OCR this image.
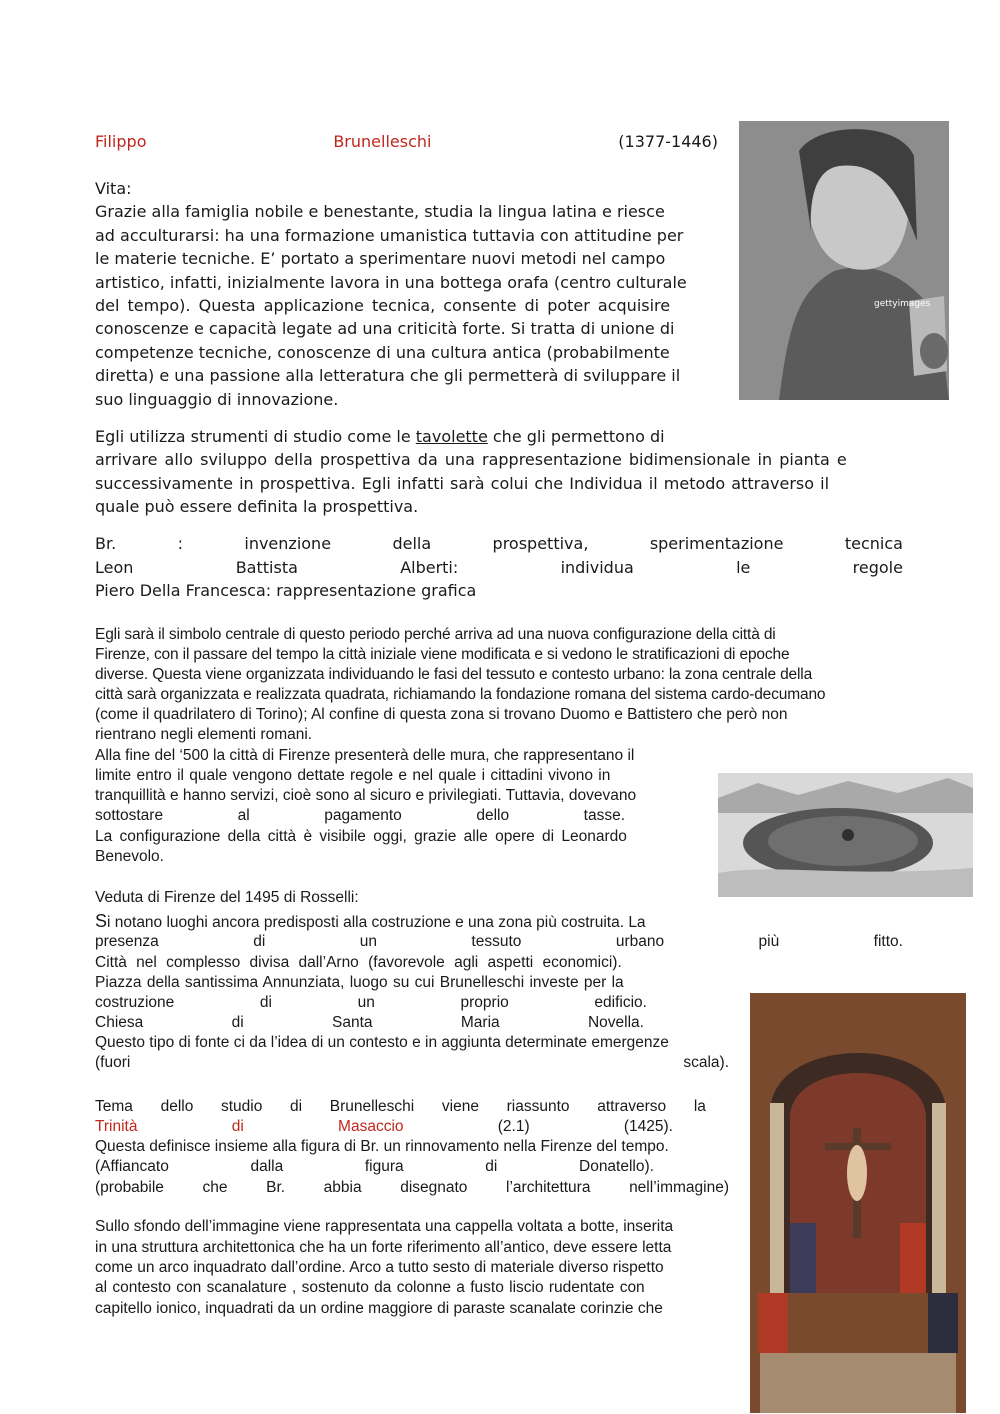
gettyimages
Filippo	Brunelleschi	(1377-1446)
Vita:
Grazie alla famiglia nobile e benestante, studia la lingua latina e riesce
ad acculturarsi: ha una formazione umanistica tuttavia con attitudine per
le materie tecniche. E’ portato a sperimentare nuovi metodi nel campo
artistico, infatti, inizialmente lavora in una bottega orafa (centro culturale
del tempo). Questa applicazione tecnica, consente di poter acquisire
conoscenze e capacità legate ad una criticità forte. Si tratta di unione di
competenze tecniche, conoscenze di una cultura antica (probabilmente
diretta) e una passione alla letteratura che gli permetterà di sviluppare il
suo linguaggio di innovazione.
Egli utilizza strumenti di studio come le tavolette che gli permettono di
arrivare allo sviluppo della prospettiva da una rappresentazione bidimensionale in pianta e
successivamente in prospettiva. Egli infatti sarà colui che Individua il metodo attraverso il
quale può essere definita la prospettiva.
Br.	:	invenzione	della	prospettiva,	sperimentazione	tecnica
Leon	Battista	Alberti:	individua	le	regole
Piero Della Francesca: rappresentazione grafica
Egli sarà il simbolo centrale di questo periodo perché arriva ad una nuova configurazione della città di
Firenze, con il passare del tempo la città iniziale viene modificata e si vedono le stratificazioni di epoche
diverse. Questa viene organizzata individuando le fasi del tessuto e contesto urbano: la zona centrale della
città sarà organizzata e realizzata quadrata, richiamando la fondazione romana del sistema cardo-decumano
(come il quadrilatero di Torino); Al confine di questa zona si trovano Duomo e Battistero che però non
rientrano negli elementi romani.
Alla fine del ‘500 la città di Firenze presenterà delle mura, che rappresentano il
limite entro il quale vengono dettate regole e nel quale i cittadini vivono in
tranquillità e hanno servizi, cioè sono al sicuro e privilegiati. Tuttavia, dovevano
sottostare	al	pagamento	dello	tasse.
La configurazione della città è visibile oggi, grazie alle opere di Leonardo
Benevolo.
Veduta di Firenze del 1495 di Rosselli:
Si notano luoghi ancora predisposti alla costruzione e una zona più costruita. La
presenza	di	un	tessuto	urbano	più	fitto.
Città nel complesso divisa dall’Arno (favorevole agli aspetti economici).
Piazza della santissima Annunziata, luogo su cui Brunelleschi investe per la
costruzione	di	un	proprio	edificio.
Chiesa	di	Santa	Maria	Novella.
Questo tipo di fonte ci da l’idea di un contesto e in aggiunta determinate emergenze
(fuori	scala).
Tema dello studio di Brunelleschi viene riassunto attraverso la
Trinità	di	Masaccio	(2.1)	(1425).
Questa definisce insieme alla figura di Br. un rinnovamento nella Firenze del tempo.
(Affiancato	dalla	figura	di	Donatello).
(probabile che Br. abbia disegnato l’architettura nell’immagine)
Sullo sfondo dell’immagine viene rappresentata una cappella voltata a botte, inserita
in una struttura architettonica che ha un forte riferimento all’antico, deve essere letta
come un arco inquadrato dall’ordine. Arco a tutto sesto di materiale diverso rispetto
al contesto con scanalature , sostenuto da colonne a fusto liscio rudentate con
capitello ionico, inquadrati da un ordine maggiore di paraste scanalate corinzie che
